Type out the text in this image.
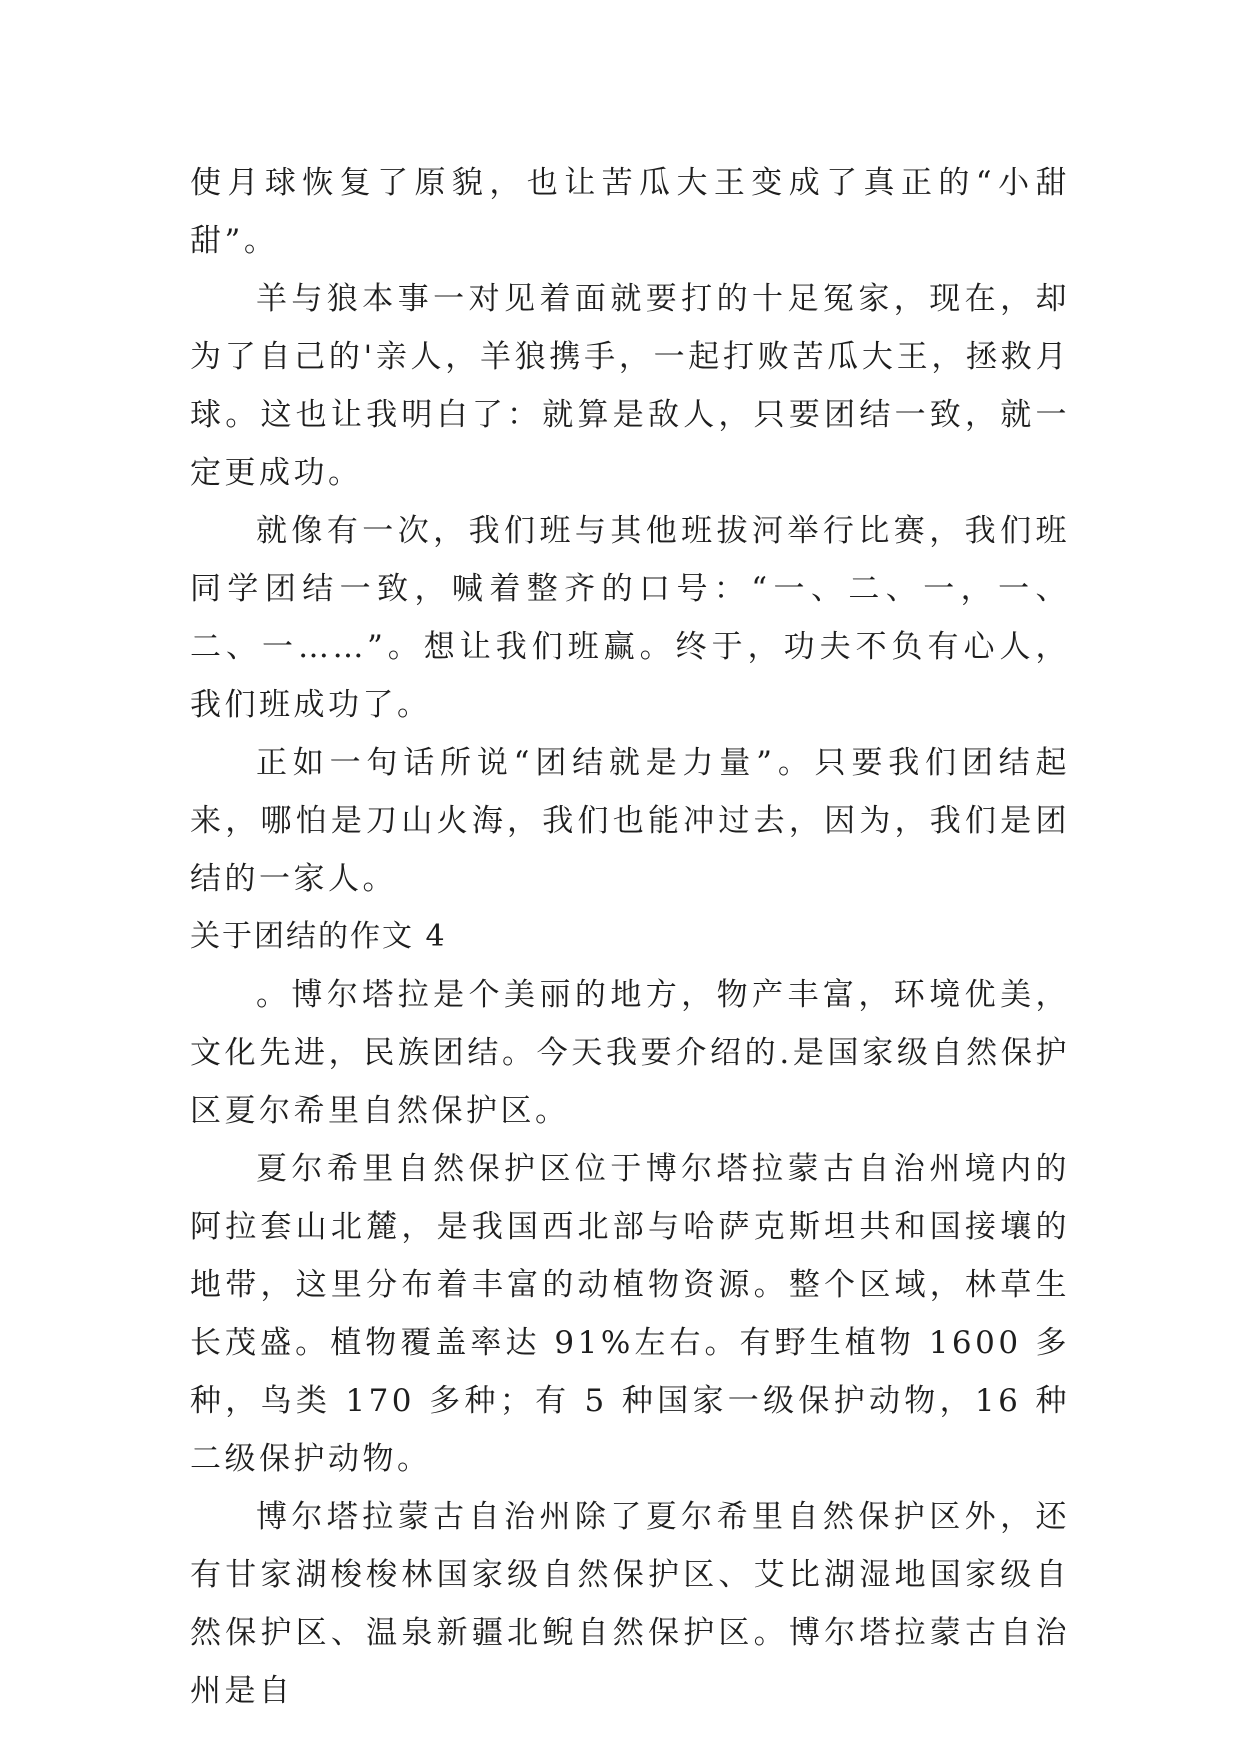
使月球恢复了原貌，也让苦瓜大王变成了真正的“小甜甜”。

羊与狼本事一对见着面就要打的十足冤家，现在，却为了自己的'亲人，羊狼携手，一起打败苦瓜大王，拯救月球。这也让我明白了：就算是敌人，只要团结一致，就一定更成功。

就像有一次，我们班与其他班拔河举行比赛，我们班同学团结一致，喊着整齐的口号：“一、二、一，一、二、一……”。想让我们班赢。终于，功夫不负有心人，我们班成功了。

正如一句话所说“团结就是力量”。只要我们团结起来，哪怕是刀山火海，我们也能冲过去，因为，我们是团结的一家人。

关于团结的作文 4

。博尔塔拉是个美丽的地方，物产丰富，环境优美，文化先进，民族团结。今天我要介绍的.是国家级自然保护区夏尔希里自然保护区。

夏尔希里自然保护区位于博尔塔拉蒙古自治州境内的阿拉套山北麓，是我国西北部与哈萨克斯坦共和国接壤的地带，这里分布着丰富的动植物资源。整个区域，林草生长茂盛。植物覆盖率达 91%左右。有野生植物 1600 多种，鸟类 170 多种；有 5 种国家一级保护动物，16 种二级保护动物。

博尔塔拉蒙古自治州除了夏尔希里自然保护区外，还有甘家湖梭梭林国家级自然保护区、艾比湖湿地国家级自然保护区、温泉新疆北鲵自然保护区。博尔塔拉蒙古自治州是自
